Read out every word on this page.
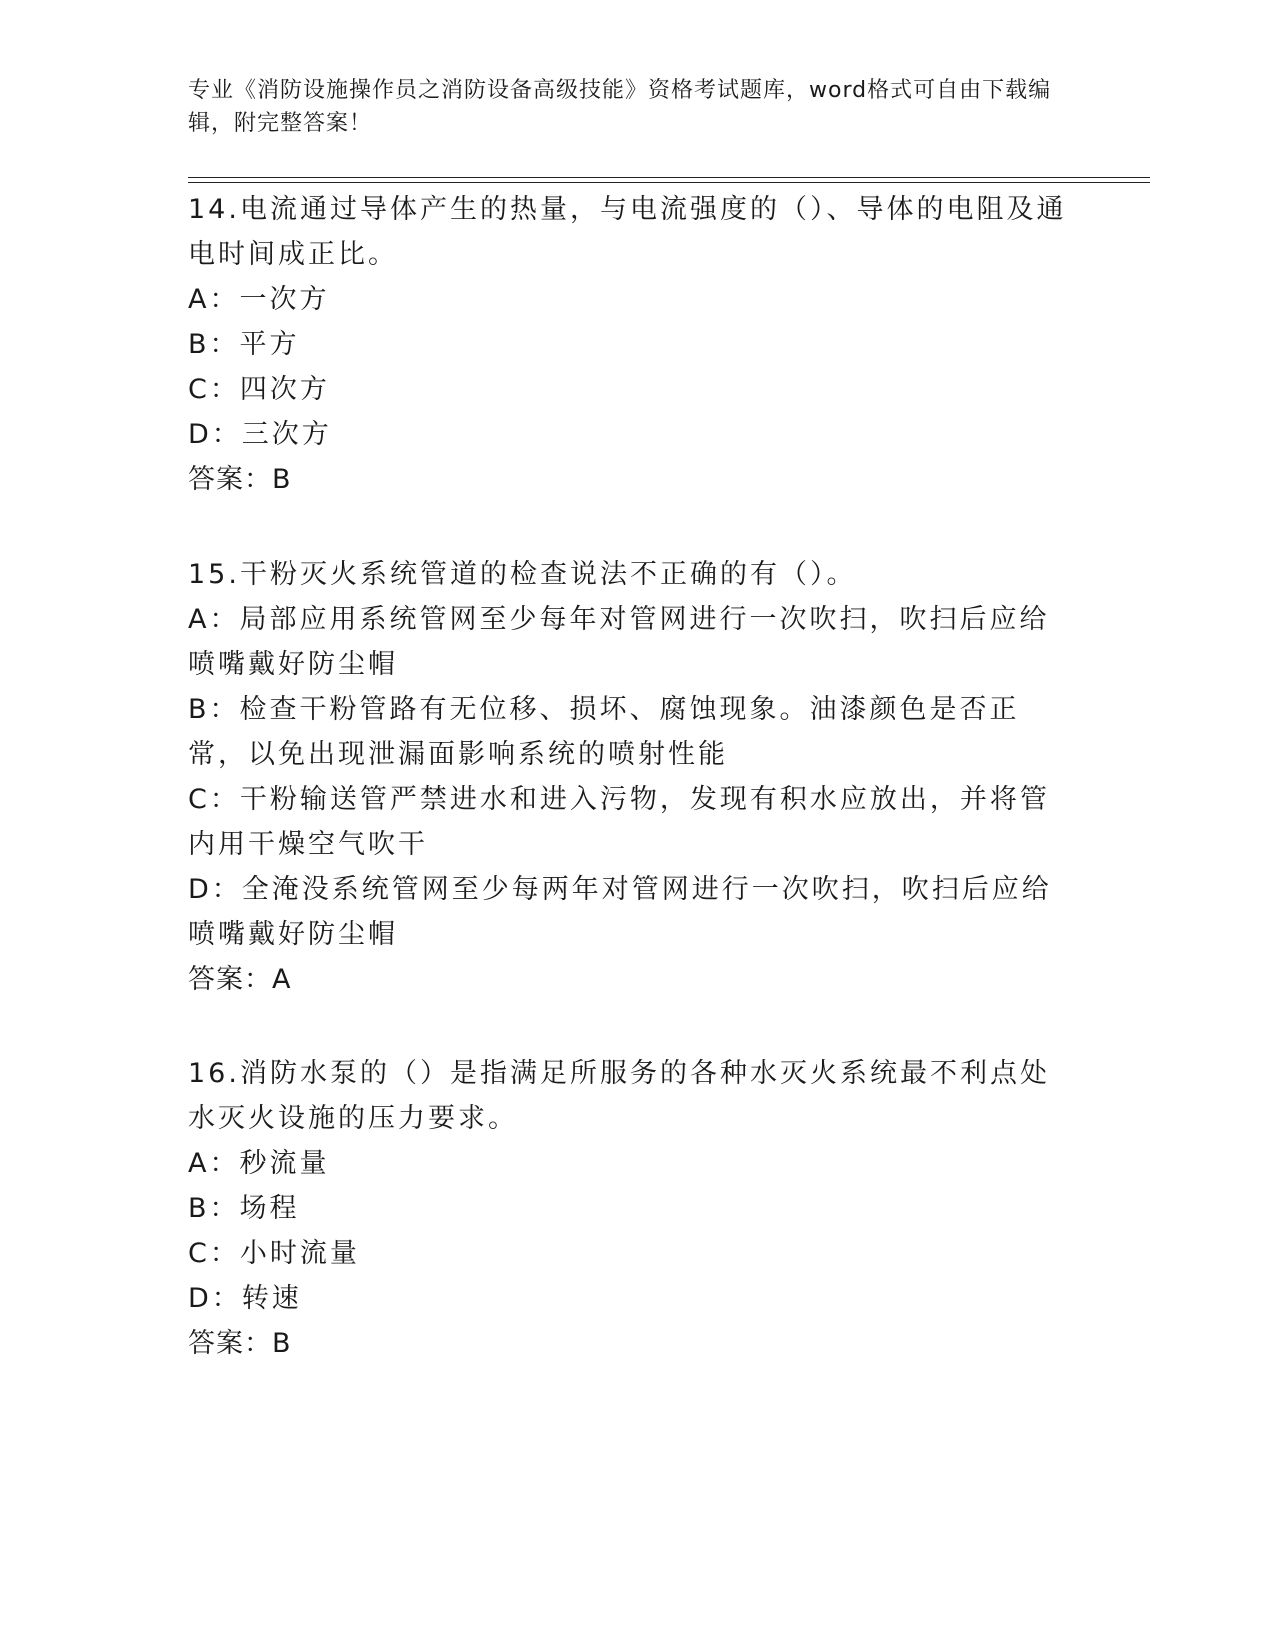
专业《消防设施操作员之消防设备高级技能》资格考试题库，word格式可自由下载编辑，附完整答案！

14.电流通过导体产生的热量，与电流强度的（）、导体的电阻及通电时间成正比。

A：一次方

B：平方

C：四次方

D：三次方

答案：B

15.干粉灭火系统管道的检查说法不正确的有（）。

A：局部应用系统管网至少每年对管网进行一次吹扫，吹扫后应给喷嘴戴好防尘帽

B：检查干粉管路有无位移、损坏、腐蚀现象。油漆颜色是否正常，以免出现泄漏面影响系统的喷射性能

C：干粉输送管严禁进水和进入污物，发现有积水应放出，并将管内用干燥空气吹干

D：全淹没系统管网至少每两年对管网进行一次吹扫，吹扫后应给喷嘴戴好防尘帽

答案：A

16.消防水泵的（）是指满足所服务的各种水灭火系统最不利点处水灭火设施的压力要求。

A：秒流量

B：场程

C：小时流量

D：转速

答案：B
